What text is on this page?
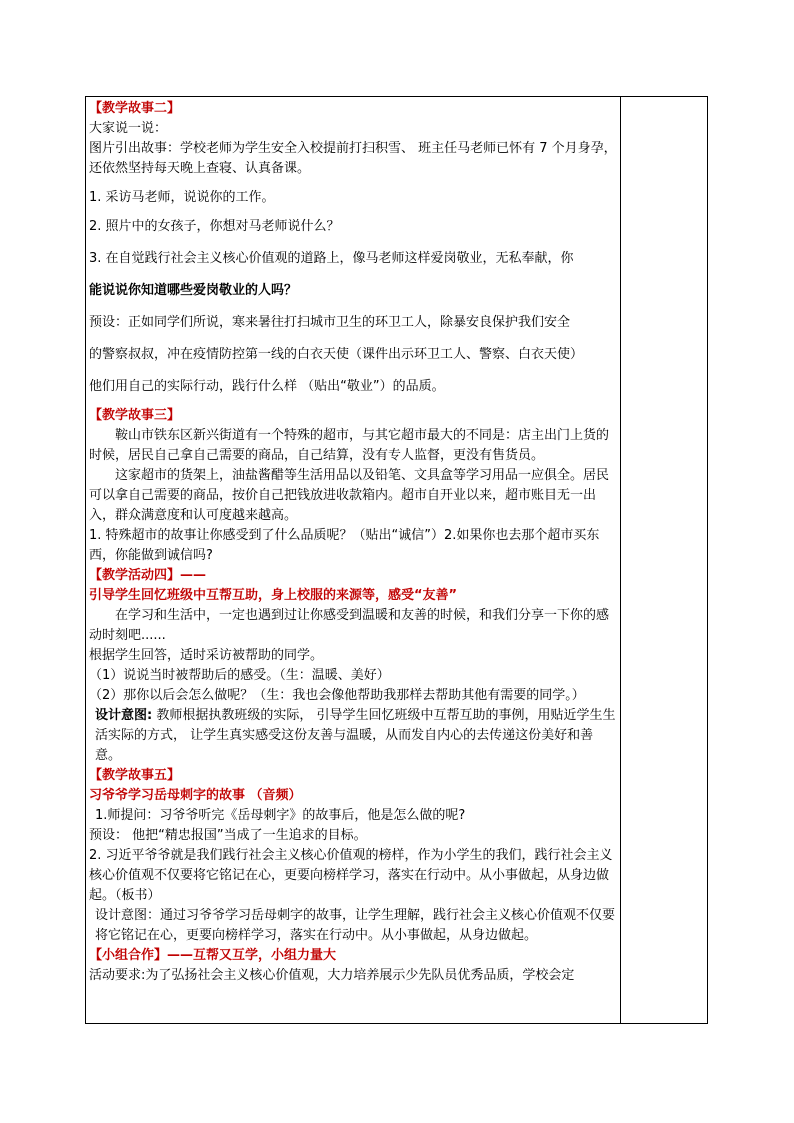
【教学故事二】

大家说一说：

图片引出故事：学校老师为学生安全入校提前打扫积雪、 班主任马老师已怀有 7 个月身孕，还依然坚持每天晚上查寝、认真备课。

1. 采访马老师，说说你的工作。

2. 照片中的女孩子，你想对马老师说什么？

3. 在自觉践行社会主义核心价值观的道路上，像马老师这样爱岗敬业，无私奉献，你

能说说你知道哪些爱岗敬业的人吗？

预设：正如同学们所说，寒来暑往打扫城市卫生的环卫工人，除暴安良保护我们安全

的警察叔叔，冲在疫情防控第一线的白衣天使（课件出示环卫工人、警察、白衣天使）

他们用自己的实际行动，践行什么样 （贴出“敬业”）的品质。

【教学故事三】

鞍山市铁东区新兴街道有一个特殊的超市，与其它超市最大的不同是：店主出门上货的时候，居民自己拿自己需要的商品，自己结算，没有专人监督，更没有售货员。

这家超市的货架上，油盐酱醋等生活用品以及铅笔、文具盒等学习用品一应俱全。居民可以拿自己需要的商品，按价自己把钱放进收款箱内。超市自开业以来，超市账目无一出入，群众满意度和认可度越来越高。

1. 特殊超市的故事让你感受到了什么品质呢？（贴出“诚信”）2.如果你也去那个超市买东西，你能做到诚信吗?

【教学活动四】——

引导学生回忆班级中互帮互助，身上校服的来源等，感受“友善”

在学习和生活中，一定也遇到过让你感受到温暖和友善的时候，和我们分享一下你的感动时刻吧......

根据学生回答，适时采访被帮助的同学。

（1）说说当时被帮助后的感受。（生：温暖、美好）

（2）那你以后会怎么做呢？（生：我也会像他帮助我那样去帮助其他有需要的同学。）

设计意图: 教师根据执教班级的实际， 引导学生回忆班级中互帮互助的事例，用贴近学生生活实际的方式， 让学生真实感受这份友善与温暖，从而发自内心的去传递这份美好和善意。

【教学故事五】

习爷爷学习岳母刺字的故事 （音频）

1.师提问：习爷爷听完《岳母刺字》的故事后，他是怎么做的呢?

预设： 他把“精忠报国”当成了一生追求的目标。

2. 习近平爷爷就是我们践行社会主义核心价值观的榜样，作为小学生的我们，践行社会主义核心价值观不仅要将它铭记在心，更要向榜样学习，落实在行动中。从小事做起，从身边做起。（板书）

设计意图：通过习爷爷学习岳母刺字的故事，让学生理解，践行社会主义核心价值观不仅要将它铭记在心，更要向榜样学习，落实在行动中。从小事做起，从身边做起。

【小组合作】——互帮又互学，小组力量大

活动要求:为了弘扬社会主义核心价值观，大力培养展示少先队员优秀品质，学校会定
